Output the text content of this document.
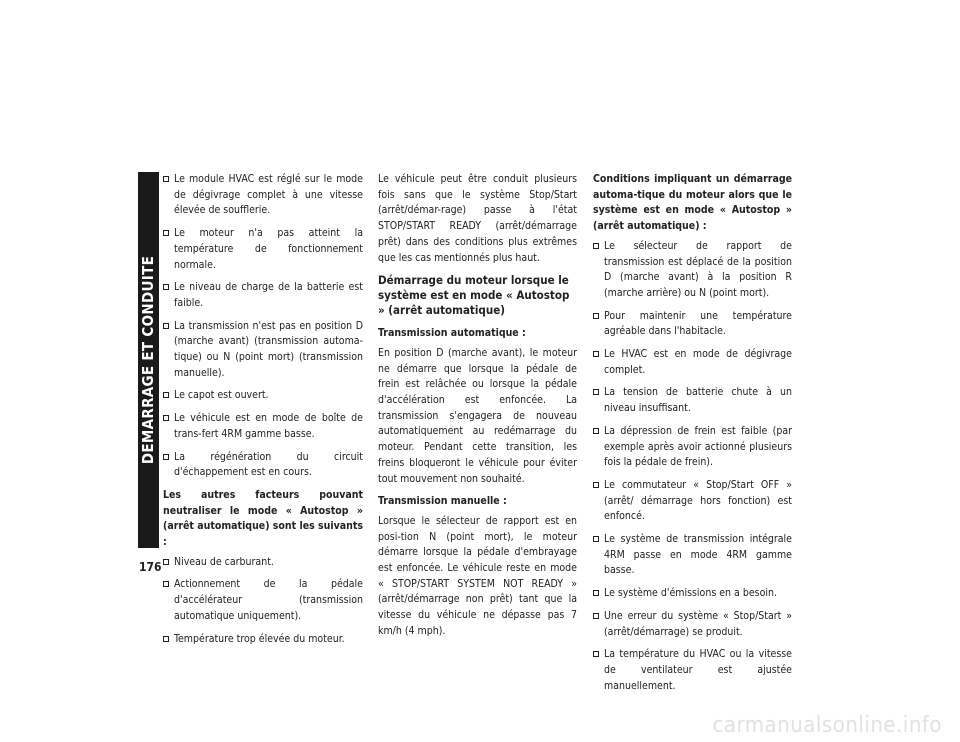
DEMARRAGE ET CONDUITE
176
Le module HVAC est réglé sur le mode de dégivrage complet à une vitesse élevée de soufflerie.
Le moteur n'a pas atteint la température de fonctionnement normale.
Le niveau de charge de la batterie est faible.
La transmission n'est pas en position D (marche avant) (transmission automa-tique) ou N (point mort) (transmission manuelle).
Le capot est ouvert.
Le véhicule est en mode de boîte de trans-fert 4RM gamme basse.
La régénération du circuit d'échappement est en cours.
Les autres facteurs pouvant neutraliser le mode « Autostop » (arrêt automatique) sont les suivants :
Niveau de carburant.
Actionnement de la pédale d'accélérateur (transmission automatique uniquement).
Température trop élevée du moteur.

Le véhicule peut être conduit plusieurs fois sans que le système Stop/Start (arrêt/démar-rage) passe à l'état STOP/START READY (arrêt/démarrage prêt) dans des conditions plus extrêmes que les cas mentionnés plus haut.

Démarrage du moteur lorsque le système est en mode « Autostop » (arrêt automatique)
Transmission automatique :

En position D (marche avant), le moteur ne démarre que lorsque la pédale de frein est relâchée ou lorsque la pédale d'accélération est enfoncée. La transmission s'engagera de nouveau automatiquement au redémarrage du moteur. Pendant cette transition, les freins bloqueront le véhicule pour éviter tout mouvement non souhaité.

Transmission manuelle :

Lorsque le sélecteur de rapport est en posi-tion N (point mort), le moteur démarre lorsque la pédale d'embrayage est enfoncée. Le véhicule reste en mode « STOP/START SYSTEM NOT READY » (arrêt/démarrage non prêt) tant que la vitesse du véhicule ne dépasse pas 7 km/h (4 mph).

Conditions impliquant un démarrage automa-tique du moteur alors que le système est en mode « Autostop » (arrêt automatique) :
Le sélecteur de rapport de transmission est déplacé de la position D (marche avant) à la position R (marche arrière) ou N (point mort).
Pour maintenir une température agréable dans l'habitacle.
Le HVAC est en mode de dégivrage complet.
La tension de batterie chute à un niveau insuffisant.
La dépression de frein est faible (par exemple après avoir actionné plusieurs fois la pédale de frein).
Le commutateur « Stop/Start OFF » (arrêt/ démarrage hors fonction) est enfoncé.
Le système de transmission intégrale 4RM passe en mode 4RM gamme basse.
Le système d'émissions en a besoin.
Une erreur du système « Stop/Start » (arrêt/démarrage) se produit.
La température du HVAC ou la vitesse de ventilateur est ajustée manuellement.
carmanualsonline.info
